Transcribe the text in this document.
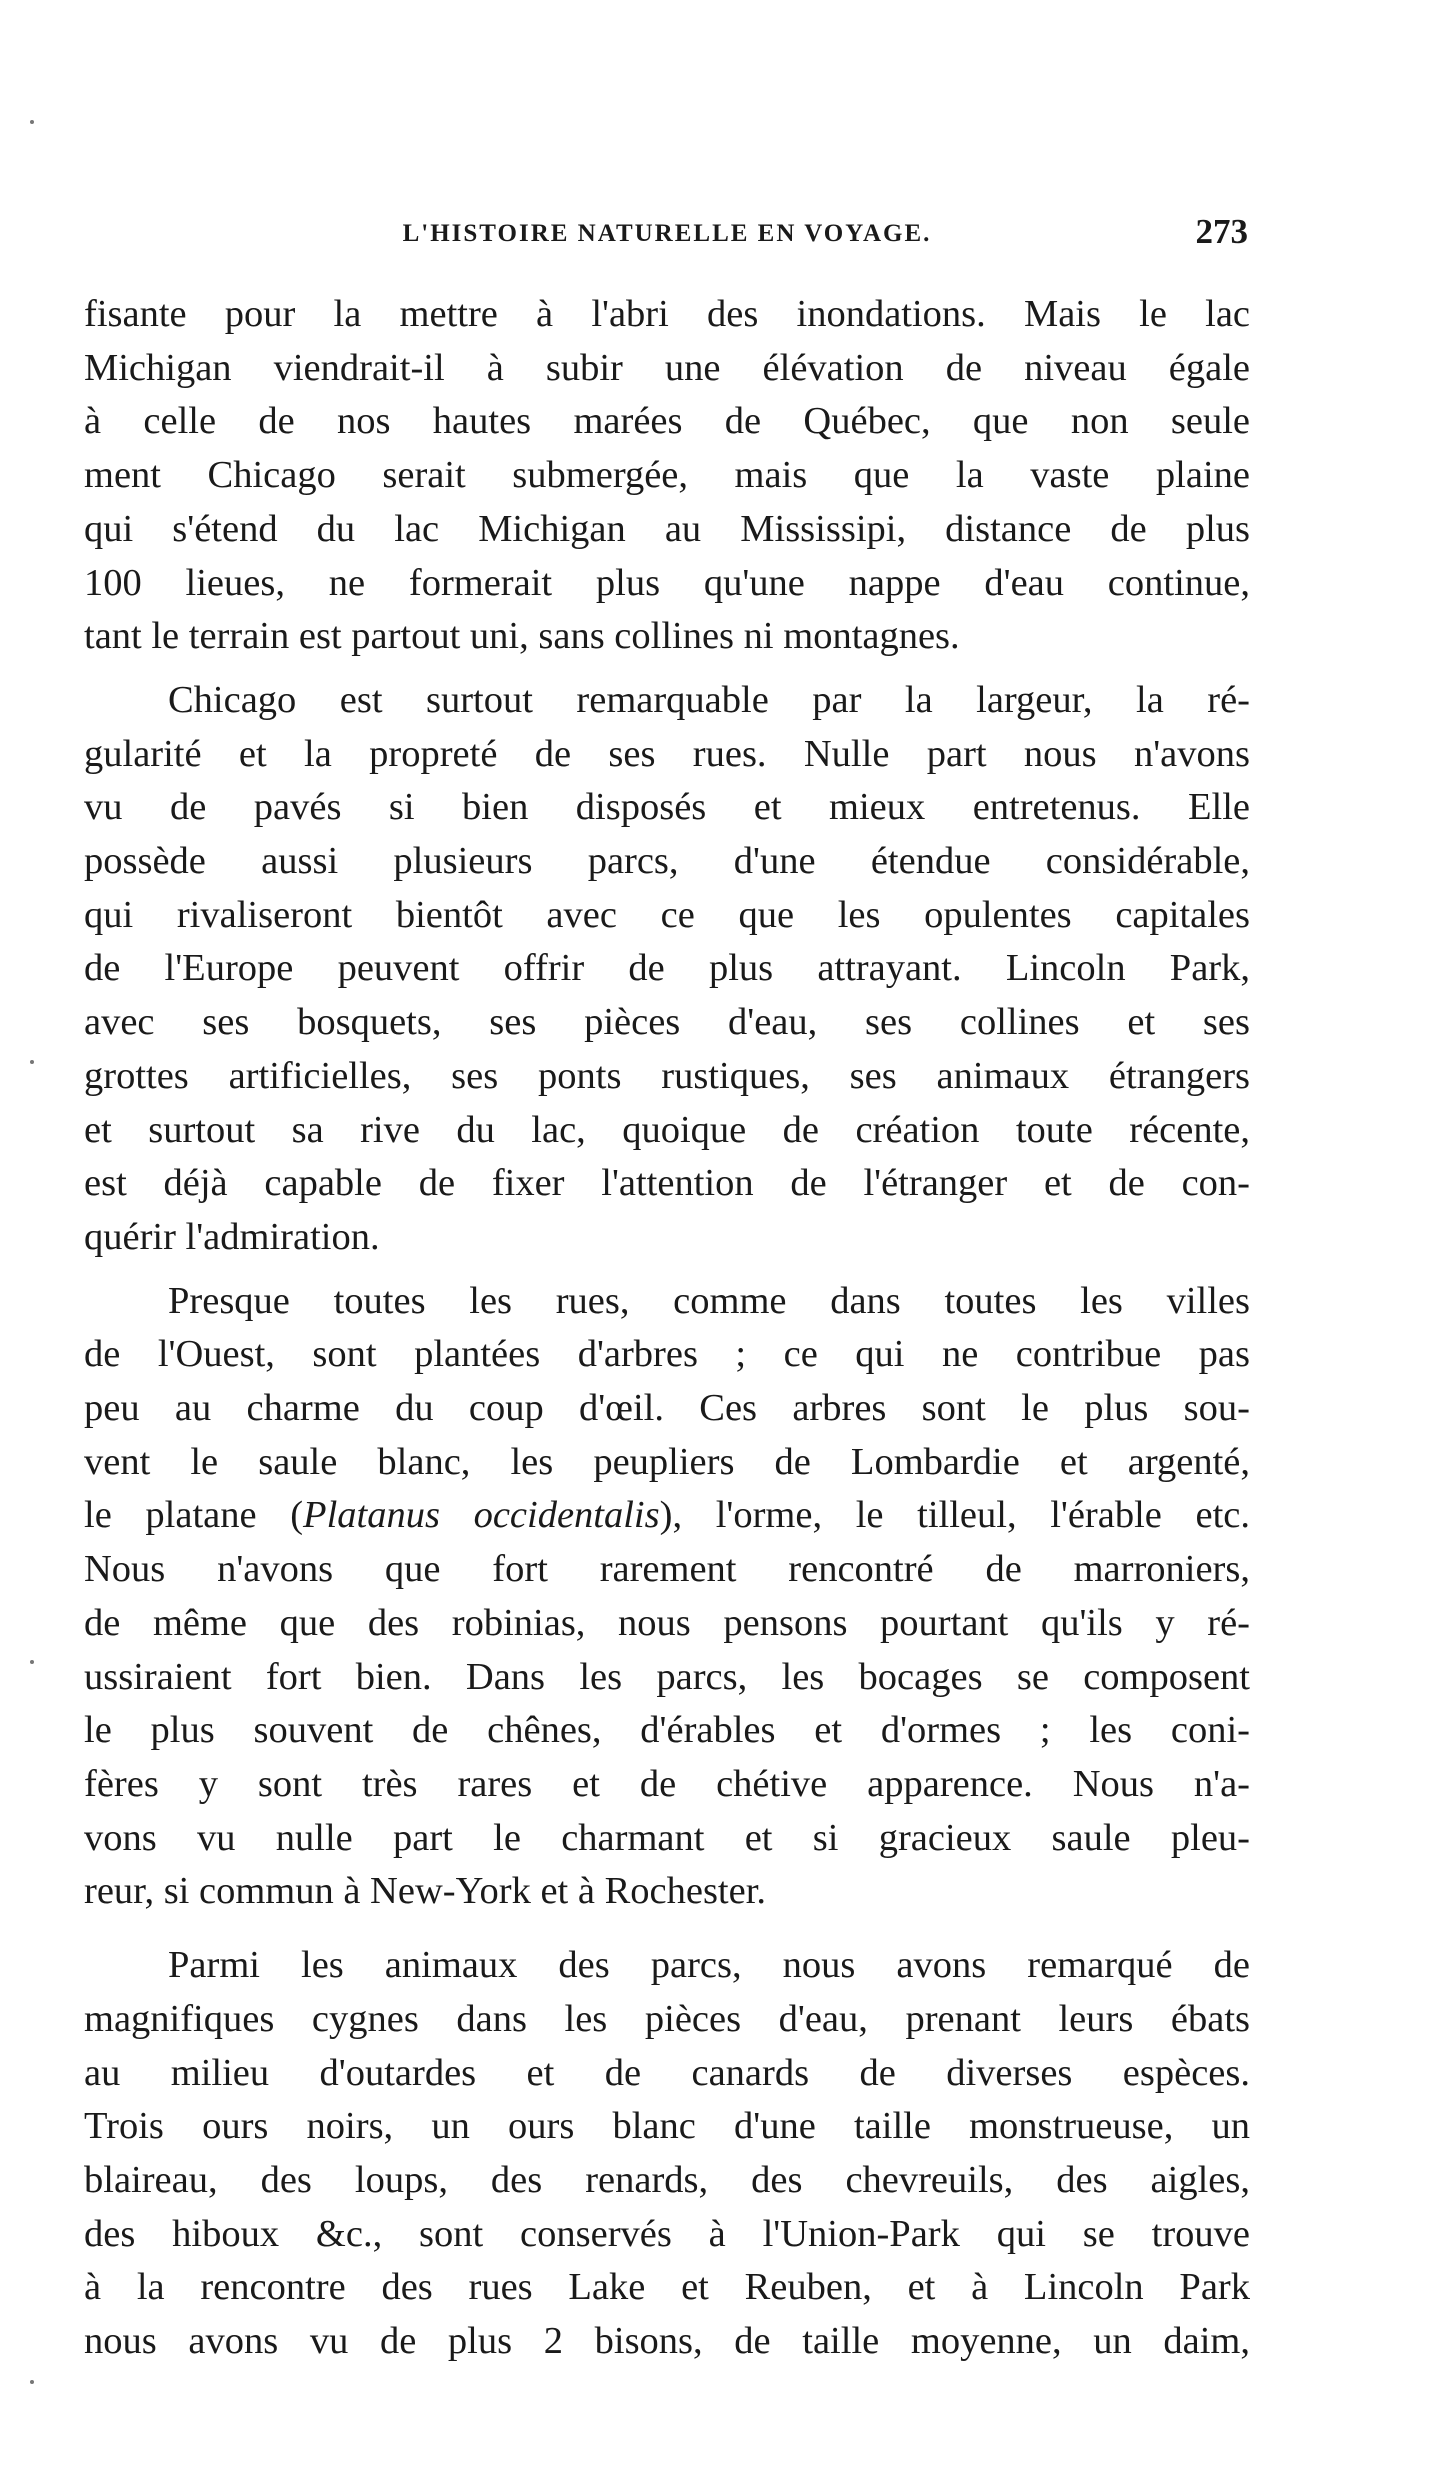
L'HISTOIRE NATURELLE EN VOYAGE.	273
fisante pour la mettre à l'abri des inondations. Mais le lac
Michigan viendrait-il à subir une élévation de niveau égale
à celle de nos hautes marées de Québec, que non seule
ment Chicago serait submergée, mais que la vaste plaine
qui s'étend du lac Michigan au Mississipi, distance de plus
100 lieues, ne formerait plus qu'une nappe d'eau continue,
tant le terrain est partout uni, sans collines ni montagnes.
Chicago est surtout remarquable par la largeur, la ré-
gularité et la propreté de ses rues. Nulle part nous n'avons
vu de pavés si bien disposés et mieux entretenus. Elle
possède aussi plusieurs parcs, d'une étendue considérable,
qui rivaliseront bientôt avec ce que les opulentes capitales
de l'Europe peuvent offrir de plus attrayant. Lincoln Park,
avec ses bosquets, ses pièces d'eau, ses collines et ses
grottes artificielles, ses ponts rustiques, ses animaux étrangers
et surtout sa rive du lac, quoique de création toute récente,
est déjà capable de fixer l'attention de l'étranger et de con-
quérir l'admiration.
Presque toutes les rues, comme dans toutes les villes
de l'Ouest, sont plantées d'arbres ; ce qui ne contribue pas
peu au charme du coup d'œil. Ces arbres sont le plus sou-
vent le saule blanc, les peupliers de Lombardie et argenté,
le platane (Platanus occidentalis), l'orme, le tilleul, l'érable etc.
Nous n'avons que fort rarement rencontré de marroniers,
de même que des robinias, nous pensons pourtant qu'ils y ré-
ussiraient fort bien. Dans les parcs, les bocages se composent
le plus souvent de chênes, d'érables et d'ormes ; les coni-
fères y sont très rares et de chétive apparence. Nous n'a-
vons vu nulle part le charmant et si gracieux saule pleu-
reur, si commun à New-York et à Rochester.
Parmi les animaux des parcs, nous avons remarqué de
magnifiques cygnes dans les pièces d'eau, prenant leurs ébats
au milieu d'outardes et de canards de diverses espèces.
Trois ours noirs, un ours blanc d'une taille monstrueuse, un
blaireau, des loups, des renards, des chevreuils, des aigles,
des hiboux &c., sont conservés à l'Union-Park qui se trouve
à la rencontre des rues Lake et Reuben, et à Lincoln Park
nous avons vu de plus 2 bisons, de taille moyenne, un daim,
